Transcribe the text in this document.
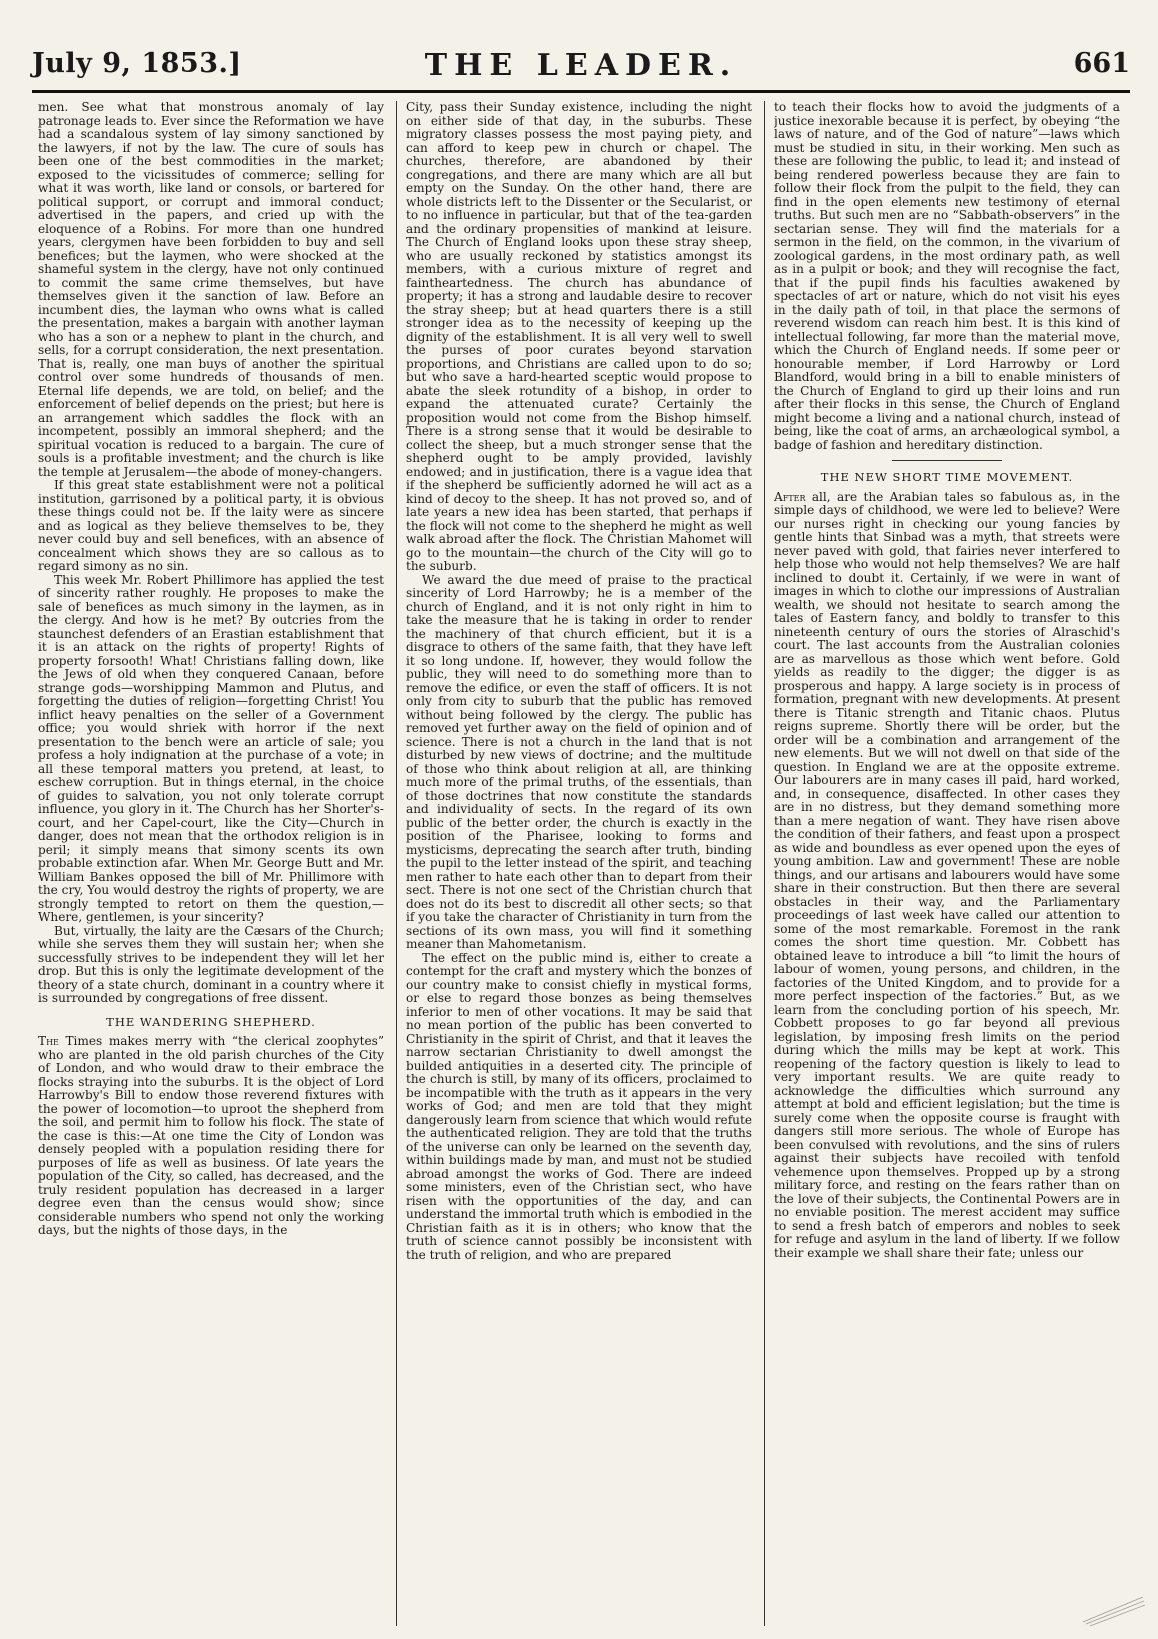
July 9, 1853.]	THE LEADER.	661

men. See what that monstrous anomaly of lay patronage leads to. Ever since the Reformation we have had a scandalous system of lay simony sanctioned by the lawyers, if not by the law. The cure of souls has been one of the best commodities in the market; exposed to the vicissitudes of commerce; selling for what it was worth, like land or consols, or bartered for political support, or corrupt and immoral conduct; advertised in the papers, and cried up with the eloquence of a Robins. For more than one hundred years, clergymen have been forbidden to buy and sell benefices; but the laymen, who were shocked at the shameful system in the clergy, have not only continued to commit the same crime themselves, but have themselves given it the sanction of law. Before an incumbent dies, the layman who owns what is called the presentation, makes a bargain with another layman who has a son or a nephew to plant in the church, and sells, for a corrupt consideration, the next presentation. That is, really, one man buys of another the spiritual control over some hundreds of thousands of men. Eternal life depends, we are told, on belief; and the enforcement of belief depends on the priest; but here is an arrangement which saddles the flock with an incompetent, possibly an immoral shepherd; and the spiritual vocation is reduced to a bargain. The cure of souls is a profitable investment; and the church is like the temple at Jerusalem—the abode of money-changers.

If this great state establishment were not a political institution, garrisoned by a political party, it is obvious these things could not be. If the laity were as sincere and as logical as they believe themselves to be, they never could buy and sell benefices, with an absence of concealment which shows they are so callous as to regard simony as no sin.

This week Mr. Robert Phillimore has applied the test of sincerity rather roughly. He proposes to make the sale of benefices as much simony in the laymen, as in the clergy. And how is he met? By outcries from the staunchest defenders of an Erastian establishment that it is an attack on the rights of property! Rights of property forsooth! What! Christians falling down, like the Jews of old when they conquered Canaan, before strange gods—worshipping Mammon and Plutus, and forgetting the duties of religion—forgetting Christ! You inflict heavy penalties on the seller of a Government office; you would shriek with horror if the next presentation to the bench were an article of sale; you profess a holy indignation at the purchase of a vote; in all these temporal matters you pretend, at least, to eschew corruption. But in things eternal, in the choice of guides to salvation, you not only tolerate corrupt influence, you glory in it. The Church has her Shorter's-court, and her Capel-court, like the City—Church in danger, does not mean that the orthodox religion is in peril; it simply means that simony scents its own probable extinction afar. When Mr. George Butt and Mr. William Bankes opposed the bill of Mr. Phillimore with the cry, You would destroy the rights of property, we are strongly tempted to retort on them the question,—Where, gentlemen, is your sincerity?

But, virtually, the laity are the Cæsars of the Church; while she serves them they will sustain her; when she successfully strives to be independent they will let her drop. But this is only the legitimate development of the theory of a state church, dominant in a country where it is surrounded by congregations of free dissent.

THE WANDERING SHEPHERD.

The Times makes merry with “the clerical zoophytes” who are planted in the old parish churches of the City of London, and who would draw to their embrace the flocks straying into the suburbs. It is the object of Lord Harrowby's Bill to endow those reverend fixtures with the power of locomotion—to uproot the shepherd from the soil, and permit him to follow his flock. The state of the case is this:—At one time the City of London was densely peopled with a population residing there for purposes of life as well as business. Of late years the population of the City, so called, has decreased, and the truly resident population has decreased in a larger degree even than the census would show; since considerable numbers who spend not only the working days, but the nights of those days, in the

City, pass their Sunday existence, including the night on either side of that day, in the suburbs. These migratory classes possess the most paying piety, and can afford to keep pew in church or chapel. The churches, therefore, are abandoned by their congregations, and there are many which are all but empty on the Sunday. On the other hand, there are whole districts left to the Dissenter or the Secularist, or to no influence in particular, but that of the tea-garden and the ordinary propensities of mankind at leisure. The Church of England looks upon these stray sheep, who are usually reckoned by statistics amongst its members, with a curious mixture of regret and faintheartedness. The church has abundance of property; it has a strong and laudable desire to recover the stray sheep; but at head quarters there is a still stronger idea as to the necessity of keeping up the dignity of the establishment. It is all very well to swell the purses of poor curates beyond starvation proportions, and Christians are called upon to do so; but who save a hard-hearted sceptic would propose to abate the sleek rotundity of a bishop, in order to expand the attenuated curate? Certainly the proposition would not come from the Bishop himself. There is a strong sense that it would be desirable to collect the sheep, but a much stronger sense that the shepherd ought to be amply provided, lavishly endowed; and in justification, there is a vague idea that if the shepherd be sufficiently adorned he will act as a kind of decoy to the sheep. It has not proved so, and of late years a new idea has been started, that perhaps if the flock will not come to the shepherd he might as well walk abroad after the flock. The Christian Mahomet will go to the mountain—the church of the City will go to the suburb.

We award the due meed of praise to the practical sincerity of Lord Harrowby; he is a member of the church of England, and it is not only right in him to take the measure that he is taking in order to render the machinery of that church efficient, but it is a disgrace to others of the same faith, that they have left it so long undone. If, however, they would follow the public, they will need to do something more than to remove the edifice, or even the staff of officers. It is not only from city to suburb that the public has removed without being followed by the clergy. The public has removed yet further away on the field of opinion and of science. There is not a church in the land that is not disturbed by new views of doctrine; and the multitude of those who think about religion at all, are thinking much more of the primal truths, of the essentials, than of those doctrines that now constitute the standards and individuality of sects. In the regard of its own public of the better order, the church is exactly in the position of the Pharisee, looking to forms and mysticisms, deprecating the search after truth, binding the pupil to the letter instead of the spirit, and teaching men rather to hate each other than to depart from their sect. There is not one sect of the Christian church that does not do its best to discredit all other sects; so that if you take the character of Christianity in turn from the sections of its own mass, you will find it something meaner than Mahometanism.

The effect on the public mind is, either to create a contempt for the craft and mystery which the bonzes of our country make to consist chiefly in mystical forms, or else to regard those bonzes as being themselves inferior to men of other vocations. It may be said that no mean portion of the public has been converted to Christianity in the spirit of Christ, and that it leaves the narrow sectarian Christianity to dwell amongst the builded antiquities in a deserted city. The principle of the church is still, by many of its officers, proclaimed to be incompatible with the truth as it appears in the very works of God; and men are told that they might dangerously learn from science that which would refute the authenticated religion. They are told that the truths of the universe can only be learned on the seventh day, within buildings made by man, and must not be studied abroad amongst the works of God. There are indeed some ministers, even of the Christian sect, who have risen with the opportunities of the day, and can understand the immortal truth which is embodied in the Christian faith as it is in others; who know that the truth of science cannot possibly be inconsistent with the truth of religion, and who are prepared

to teach their flocks how to avoid the judgments of a justice inexorable because it is perfect, by obeying “the laws of nature, and of the God of nature”—laws which must be studied in situ, in their working. Men such as these are following the public, to lead it; and instead of being rendered powerless because they are fain to follow their flock from the pulpit to the field, they can find in the open elements new testimony of eternal truths. But such men are no “Sabbath-observers” in the sectarian sense. They will find the materials for a sermon in the field, on the common, in the vivarium of zoological gardens, in the most ordinary path, as well as in a pulpit or book; and they will recognise the fact, that if the pupil finds his faculties awakened by spectacles of art or nature, which do not visit his eyes in the daily path of toil, in that place the sermons of reverend wisdom can reach him best. It is this kind of intellectual following, far more than the material move, which the Church of England needs. If some peer or honourable member, if Lord Harrowby or Lord Blandford, would bring in a bill to enable ministers of the Church of England to gird up their loins and run after their flocks in this sense, the Church of England might become a living and a national church, instead of being, like the coat of arms, an archæological symbol, a badge of fashion and hereditary distinction.

THE NEW SHORT TIME MOVEMENT.

After all, are the Arabian tales so fabulous as, in the simple days of childhood, we were led to believe? Were our nurses right in checking our young fancies by gentle hints that Sinbad was a myth, that streets were never paved with gold, that fairies never interfered to help those who would not help themselves? We are half inclined to doubt it. Certainly, if we were in want of images in which to clothe our impressions of Australian wealth, we should not hesitate to search among the tales of Eastern fancy, and boldly to transfer to this nineteenth century of ours the stories of Alraschid's court. The last accounts from the Australian colonies are as marvellous as those which went before. Gold yields as readily to the digger; the digger is as prosperous and happy. A large society is in process of formation, pregnant with new developments. At present there is Titanic strength and Titanic chaos. Plutus reigns supreme. Shortly there will be order, but the order will be a combination and arrangement of the new elements. But we will not dwell on that side of the question. In England we are at the opposite extreme. Our labourers are in many cases ill paid, hard worked, and, in consequence, disaffected. In other cases they are in no distress, but they demand something more than a mere negation of want. They have risen above the condition of their fathers, and feast upon a prospect as wide and boundless as ever opened upon the eyes of young ambition. Law and government! These are noble things, and our artisans and labourers would have some share in their construction. But then there are several obstacles in their way, and the Parliamentary proceedings of last week have called our attention to some of the most remarkable. Foremost in the rank comes the short time question. Mr. Cobbett has obtained leave to introduce a bill “to limit the hours of labour of women, young persons, and children, in the factories of the United Kingdom, and to provide for a more perfect inspection of the factories.” But, as we learn from the concluding portion of his speech, Mr. Cobbett proposes to go far beyond all previous legislation, by imposing fresh limits on the period during which the mills may be kept at work. This reopening of the factory question is likely to lead to very important results. We are quite ready to acknowledge the difficulties which surround any attempt at bold and efficient legislation; but the time is surely come when the opposite course is fraught with dangers still more serious. The whole of Europe has been convulsed with revolutions, and the sins of rulers against their subjects have recoiled with tenfold vehemence upon themselves. Propped up by a strong military force, and resting on the fears rather than on the love of their subjects, the Continental Powers are in no enviable position. The merest accident may suffice to send a fresh batch of emperors and nobles to seek for refuge and asylum in the land of liberty. If we follow their example we shall share their fate; unless our
